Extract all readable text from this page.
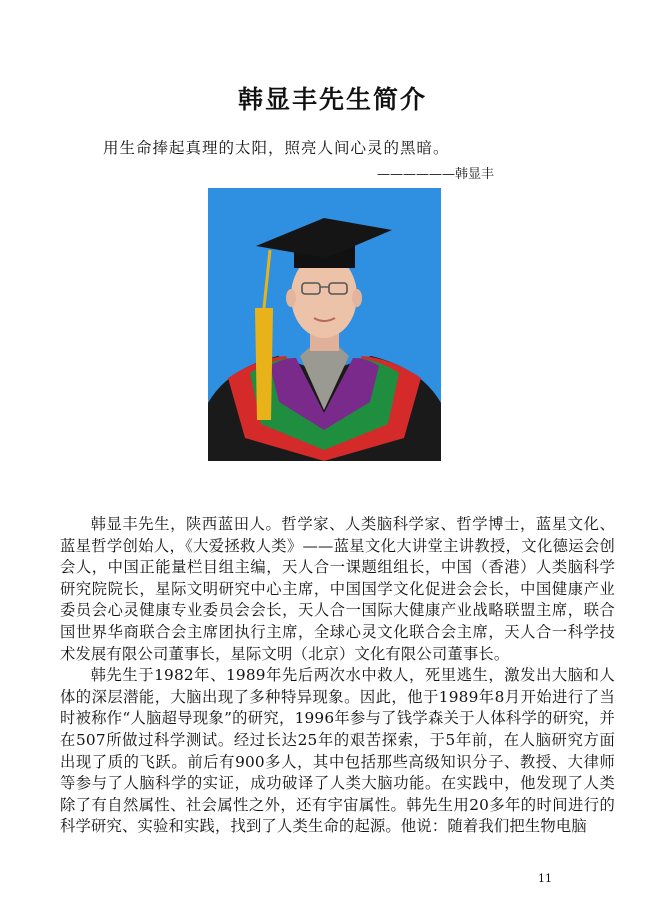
韩显丰先生简介
用生命捧起真理的太阳，照亮人间心灵的黑暗。
——————韩显丰

韩显丰先生，陕西蓝田人。哲学家、人类脑科学家、哲学博士，蓝星文化、蓝星哲学创始人，《大爱拯救人类》——蓝星文化大讲堂主讲教授，文化德运会创会人，中国正能量栏目组主编，天人合一课题组组长，中国（香港）人类脑科学研究院院长，星际文明研究中心主席，中国国学文化促进会会长，中国健康产业委员会心灵健康专业委员会会长，天人合一国际大健康产业战略联盟主席，联合国世界华商联合会主席团执行主席，全球心灵文化联合会主席，天人合一科学技术发展有限公司董事长，星际文明（北京）文化有限公司董事长。

韩先生于1982年、1989年先后两次水中救人，死里逃生，激发出大脑和人体的深层潜能，大脑出现了多种特异现象。因此，他于1989年8月开始进行了当时被称作“人脑超导现象”的研究，1996年参与了钱学森关于人体科学的研究，并在507所做过科学测试。经过长达25年的艰苦探索，于5年前，在人脑研究方面出现了质的飞跃。前后有900多人，其中包括那些高级知识分子、教授、大律师等参与了人脑科学的实证，成功破译了人类大脑功能。在实践中，他发现了人类除了有自然属性、社会属性之外，还有宇宙属性。韩先生用20多年的时间进行的科学研究、实验和实践，找到了人类生命的起源。他说：随着我们把生物电脑

11
